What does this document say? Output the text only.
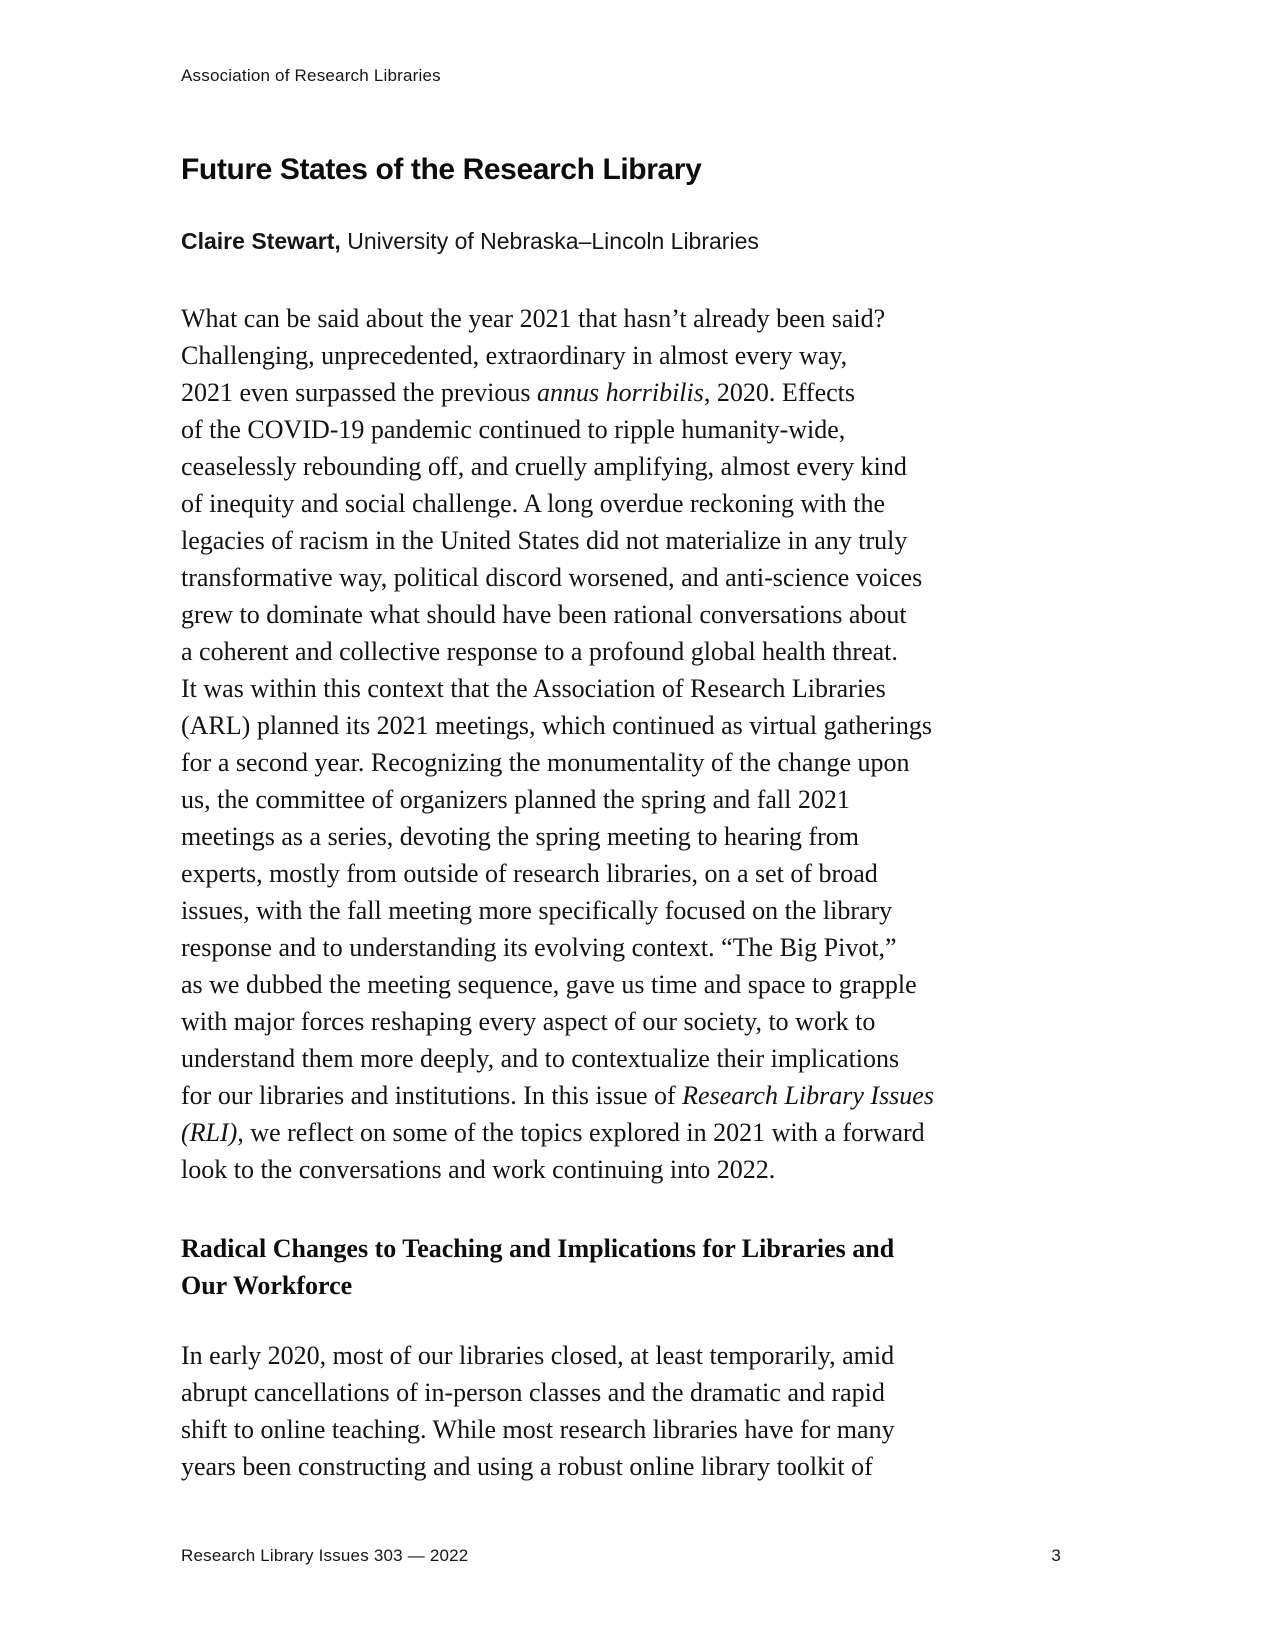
Association of Research Libraries
Future States of the Research Library
Claire Stewart, University of Nebraska–Lincoln Libraries
What can be said about the year 2021 that hasn’t already been said?
Challenging, unprecedented, extraordinary in almost every way,
2021 even surpassed the previous annus horribilis, 2020. Effects
of the COVID-19 pandemic continued to ripple humanity-wide,
ceaselessly rebounding off, and cruelly amplifying, almost every kind
of inequity and social challenge. A long overdue reckoning with the
legacies of racism in the United States did not materialize in any truly
transformative way, political discord worsened, and anti-science voices
grew to dominate what should have been rational conversations about
a coherent and collective response to a profound global health threat.
It was within this context that the Association of Research Libraries
(ARL) planned its 2021 meetings, which continued as virtual gatherings
for a second year. Recognizing the monumentality of the change upon
us, the committee of organizers planned the spring and fall 2021
meetings as a series, devoting the spring meeting to hearing from
experts, mostly from outside of research libraries, on a set of broad
issues, with the fall meeting more specifically focused on the library
response and to understanding its evolving context. “The Big Pivot,”
as we dubbed the meeting sequence, gave us time and space to grapple
with major forces reshaping every aspect of our society, to work to
understand them more deeply, and to contextualize their implications
for our libraries and institutions. In this issue of Research Library Issues
(RLI), we reflect on some of the topics explored in 2021 with a forward
look to the conversations and work continuing into 2022.
Radical Changes to Teaching and Implications for Libraries and
Our Workforce
In early 2020, most of our libraries closed, at least temporarily, amid
abrupt cancellations of in-person classes and the dramatic and rapid
shift to online teaching. While most research libraries have for many
years been constructing and using a robust online library toolkit of
Research Library Issues 303 — 2022	3
